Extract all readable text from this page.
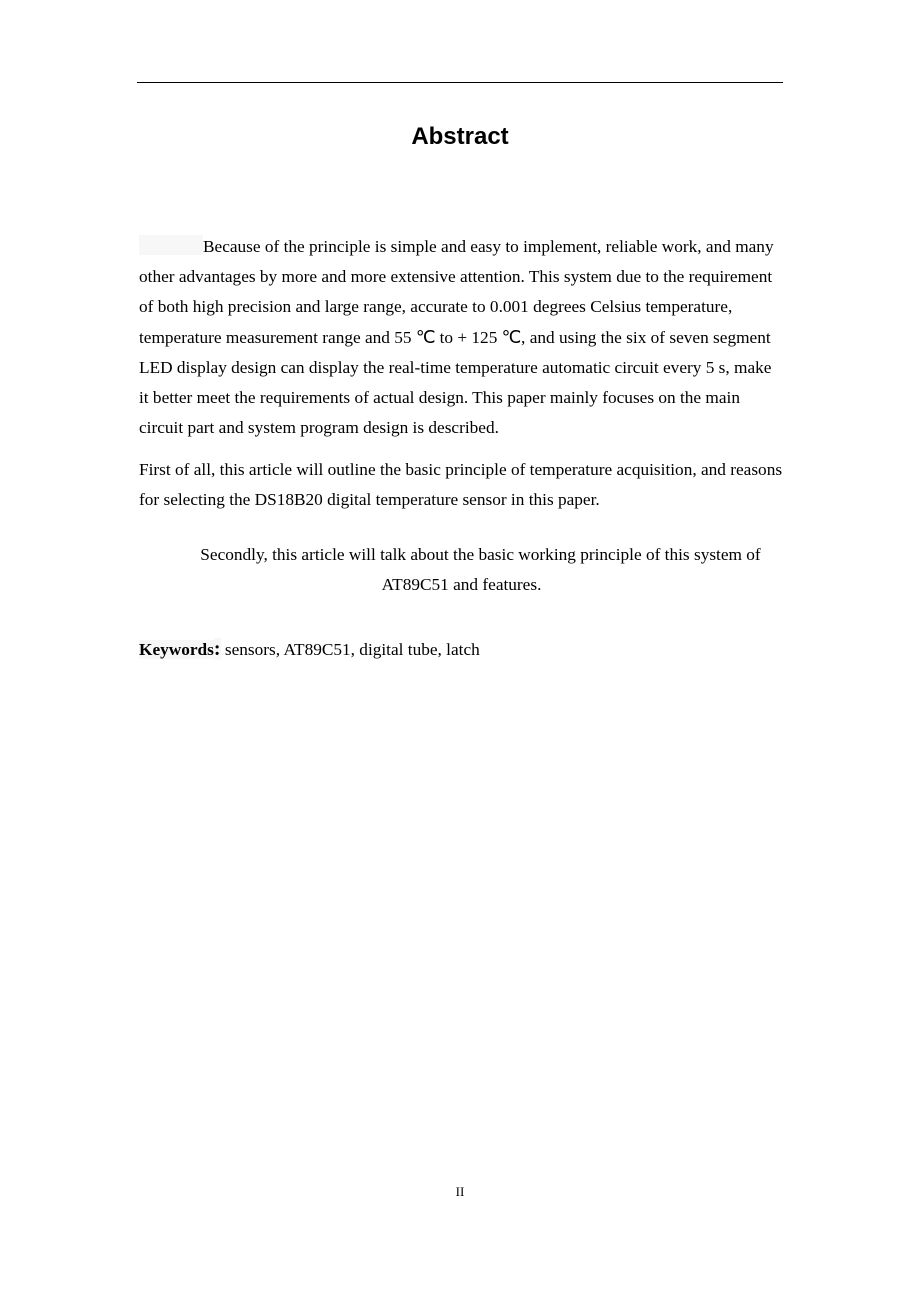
Abstract

Because of the principle is simple and easy to implement, reliable work, and many other advantages by more and more extensive attention. This system due to the requirement of both high precision and large range, accurate to 0.001 degrees Celsius temperature, temperature measurement range and 55 ℃ to + 125 ℃, and using the six of seven segment LED display design can display the real-time temperature automatic circuit every 5 s, make it better meet the requirements of actual design. This paper mainly focuses on the main circuit part and system program design is described.

First of all, this article will outline the basic principle of temperature acquisition, and reasons for selecting the DS18B20 digital temperature sensor in this paper.

Secondly, this article will talk about the basic working principle of this system of AT89C51 and features.

Keywords: sensors, AT89C51, digital tube, latch

II
